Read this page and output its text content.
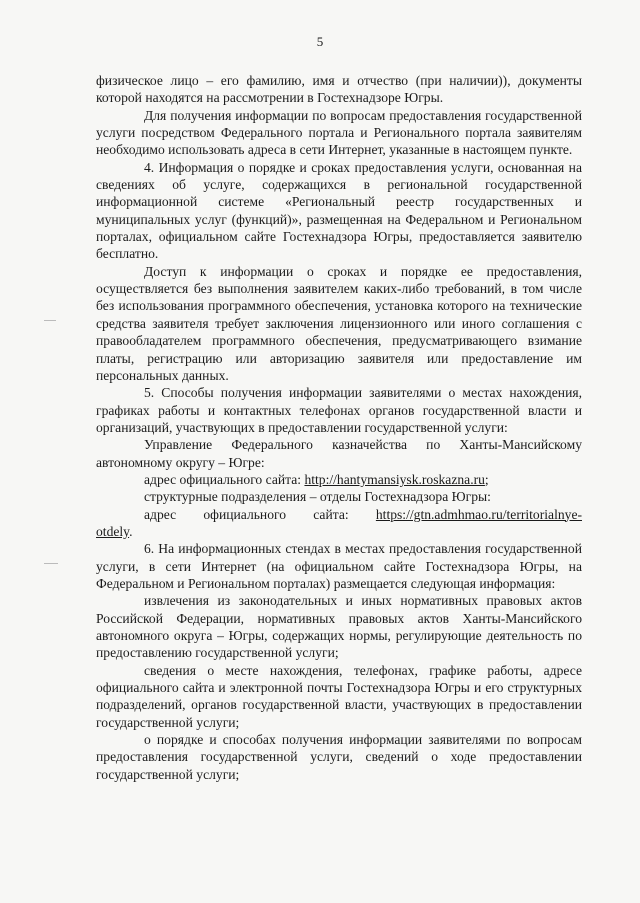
5

физическое лицо – его фамилию, имя и отчество (при наличии)), документы которой находятся на рассмотрении в Гостехнадзоре Югры.

Для получения информации по вопросам предоставления государственной услуги посредством Федерального портала и Регионального портала заявителям необходимо использовать адреса в сети Интернет, указанные в настоящем пункте.

4. Информация о порядке и сроках предоставления услуги, основанная на сведениях об услуге, содержащихся в региональной государственной информационной системе «Региональный реестр государственных и муниципальных услуг (функций)», размещенная на Федеральном и Региональном порталах, официальном сайте Гостехнадзора Югры, предоставляется заявителю бесплатно.

Доступ к информации о сроках и порядке ее предоставления, осуществляется без выполнения заявителем каких-либо требований, в том числе без использования программного обеспечения, установка которого на технические средства заявителя требует заключения лицензионного или иного соглашения с правообладателем программного обеспечения, предусматривающего взимание платы, регистрацию или авторизацию заявителя или предоставление им персональных данных.

5. Способы получения информации заявителями о местах нахождения, графиках работы и контактных телефонах органов государственной власти и организаций, участвующих в предоставлении государственной услуги:

Управление Федерального казначейства по Ханты-Мансийскому автономному округу – Югре:

адрес официального сайта: http://hantymansiysk.roskazna.ru;

структурные подразделения – отделы Гостехнадзора Югры:

адрес официального сайта: https://gtn.admhmao.ru/territorialnye-

otdely.

6. На информационных стендах в местах предоставления государственной услуги, в сети Интернет (на официальном сайте Гостехнадзора Югры, на Федеральном и Региональном порталах) размещается следующая информация:

извлечения из законодательных и иных нормативных правовых актов Российской Федерации, нормативных правовых актов Ханты-Мансийского автономного округа – Югры, содержащих нормы, регулирующие деятельность по предоставлению государственной услуги;

сведения о месте нахождения, телефонах, графике работы, адресе официального сайта и электронной почты Гостехнадзора Югры и его структурных подразделений, органов государственной власти, участвующих в предоставлении государственной услуги;

о порядке и способах получения информации заявителями по вопросам предоставления государственной услуги, сведений о ходе предоставлении государственной услуги;
